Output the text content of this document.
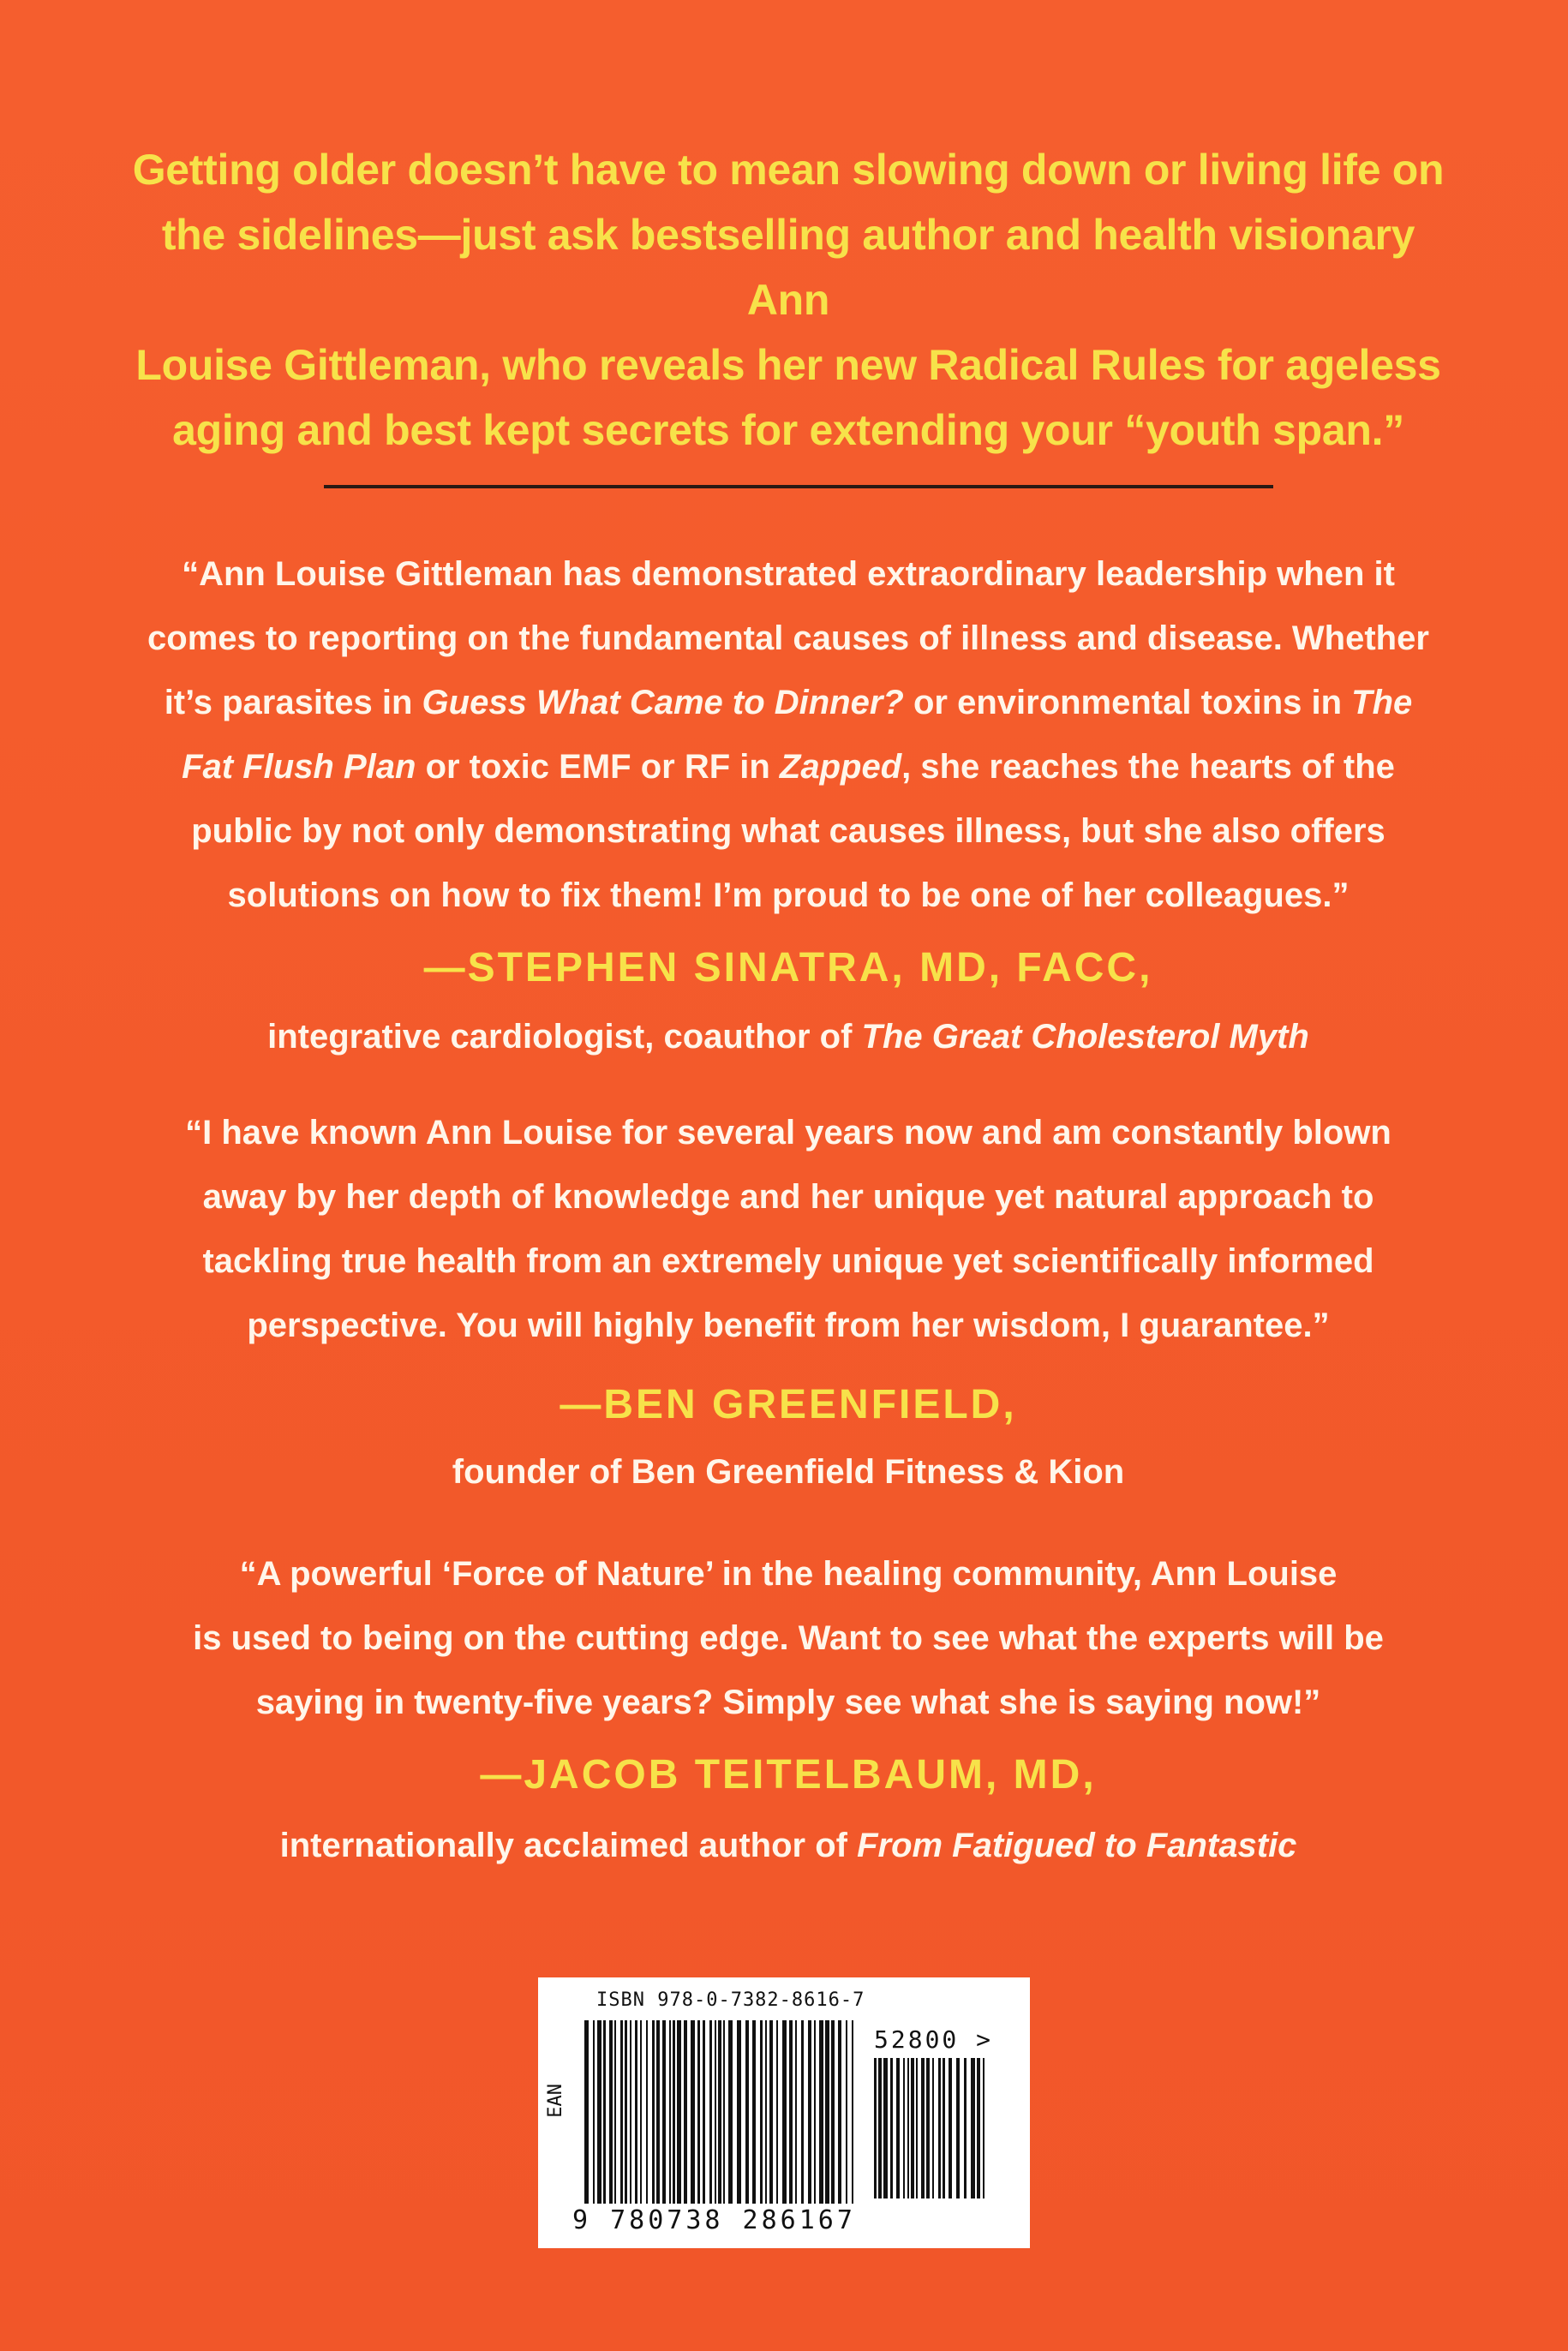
Getting older doesn’t have to mean slowing down or living life on
the sidelines—just ask bestselling author and health visionary Ann
Louise Gittleman, who reveals her new Radical Rules for ageless
aging and best kept secrets for extending your “youth span.”
“Ann Louise Gittleman has demonstrated extraordinary leadership when it
comes to reporting on the fundamental causes of illness and disease. Whether
it’s parasites in Guess What Came to Dinner? or environmental toxins in The
Fat Flush Plan or toxic EMF or RF in Zapped, she reaches the hearts of the
public by not only demonstrating what causes illness, but she also offers
solutions on how to fix them! I’m proud to be one of her colleagues.”
—STEPHEN SINATRA, MD, FACC,
integrative cardiologist, coauthor of The Great Cholesterol Myth
“I have known Ann Louise for several years now and am constantly blown
away by her depth of knowledge and her unique yet natural approach to
tackling true health from an extremely unique yet scientifically informed
perspective. You will highly benefit from her wisdom, I guarantee.”
—BEN GREENFIELD,
founder of Ben Greenfield Fitness & Kion
“A powerful ‘Force of Nature’ in the healing community, Ann Louise
is used to being on the cutting edge. Want to see what the experts will be
saying in twenty-five years? Simply see what she is saying now!”
—JACOB TEITELBAUM, MD,
internationally acclaimed author of From Fatigued to Fantastic
ISBN 978-0-7382-8616-7
52800 >
EAN
9 780738 286167
